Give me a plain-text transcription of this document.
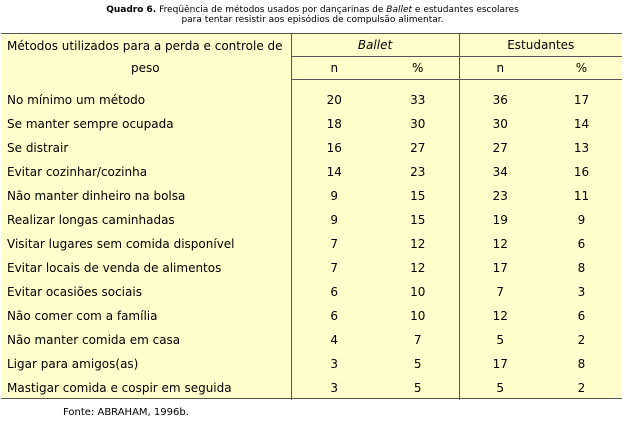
Quadro 6. Freqüência de métodos usados por dançarinas de Ballet e estudantes escolares
para tentar resistir aos episódios de compulsão alimentar.
Métodos utilizados para a perda e controle de
peso	Ballet		Estudantes	
	n	%	n	%

No mínimo um método	20	33	36	17
Se manter sempre ocupada	18	30	30	14
Se distrair	16	27	27	13
Evitar cozinhar/cozinha	14	23	34	16
Não manter dinheiro na bolsa	9	15	23	11
Realizar longas caminhadas	9	15	19	9
Visitar lugares sem comida disponível	7	12	12	6
Evitar locais de venda de alimentos	7	12	17	8
Evitar ocasiões sociais	6	10	7	3
Não comer com a família	6	10	12	6
Não manter comida em casa	4	7	5	2
Ligar para amigos(as)	3	5	17	8
Mastigar comida e cospir em seguida	3	5	5	2
Fonte: ABRAHAM, 1996b.
